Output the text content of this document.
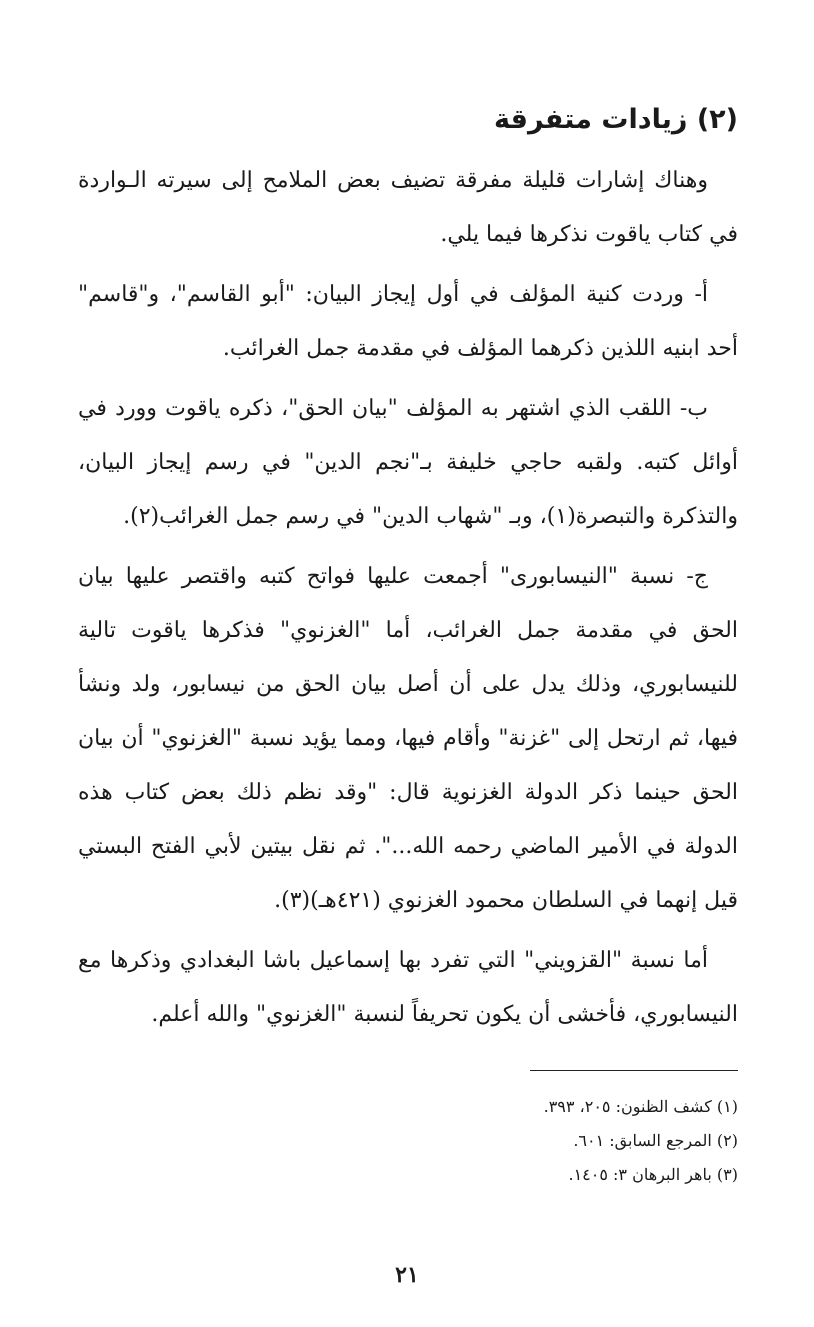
(٢) زيادات متفرقة

وهناك إشارات قليلة مفرقة تضيف بعض الملامح إلى سيرته الـواردة في كتاب ياقوت نذكرها فيما يلي.

أ- وردت كنية المؤلف في أول إيجاز البيان: "أبو القاسم"، و"قاسم" أحد ابنيه اللذين ذكرهما المؤلف في مقدمة جمل الغرائب.

ب- اللقب الذي اشتهر به المؤلف "بيان الحق"، ذكره ياقوت وورد في أوائل كتبه. ولقبه حاجي خليفة بـ"نجم الدين" في رسم إيجاز البيان، والتذكرة والتبصرة(١)، وبـ "شهاب الدين" في رسم جمل الغرائب(٢).

ج- نسبة "النيسابورى" أجمعت عليها فواتح كتبه واقتصر عليها بيان الحق في مقدمة جمل الغرائب، أما "الغزنوي" فذكرها ياقوت تالية للنيسابوري، وذلك يدل على أن أصل بيان الحق من نيسابور، ولد ونشأ فيها، ثم ارتحل إلى "غزنة" وأقام فيها، ومما يؤيد نسبة "الغزنوي" أن بيان الحق حينما ذكر الدولة الغزنوية قال: "وقد نظم ذلك بعض كتاب هذه الدولة في الأمير الماضي رحمه الله...". ثم نقل بيتين لأبي الفتح البستي قيل إنهما في السلطان محمود الغزنوي (٤٢١هـ)(٣).

أما نسبة "القزويني" التي تفرد بها إسماعيل باشا البغدادي وذكرها مع النيسابوري، فأخشى أن يكون تحريفاً لنسبة "الغزنوي" والله أعلم.

(١) كشف الظنون: ٢٠٥، ٣٩٣.

(٢) المرجع السابق: ٦٠١.

(٣) باهر البرهان ٣: ١٤٠٥.

٢١
